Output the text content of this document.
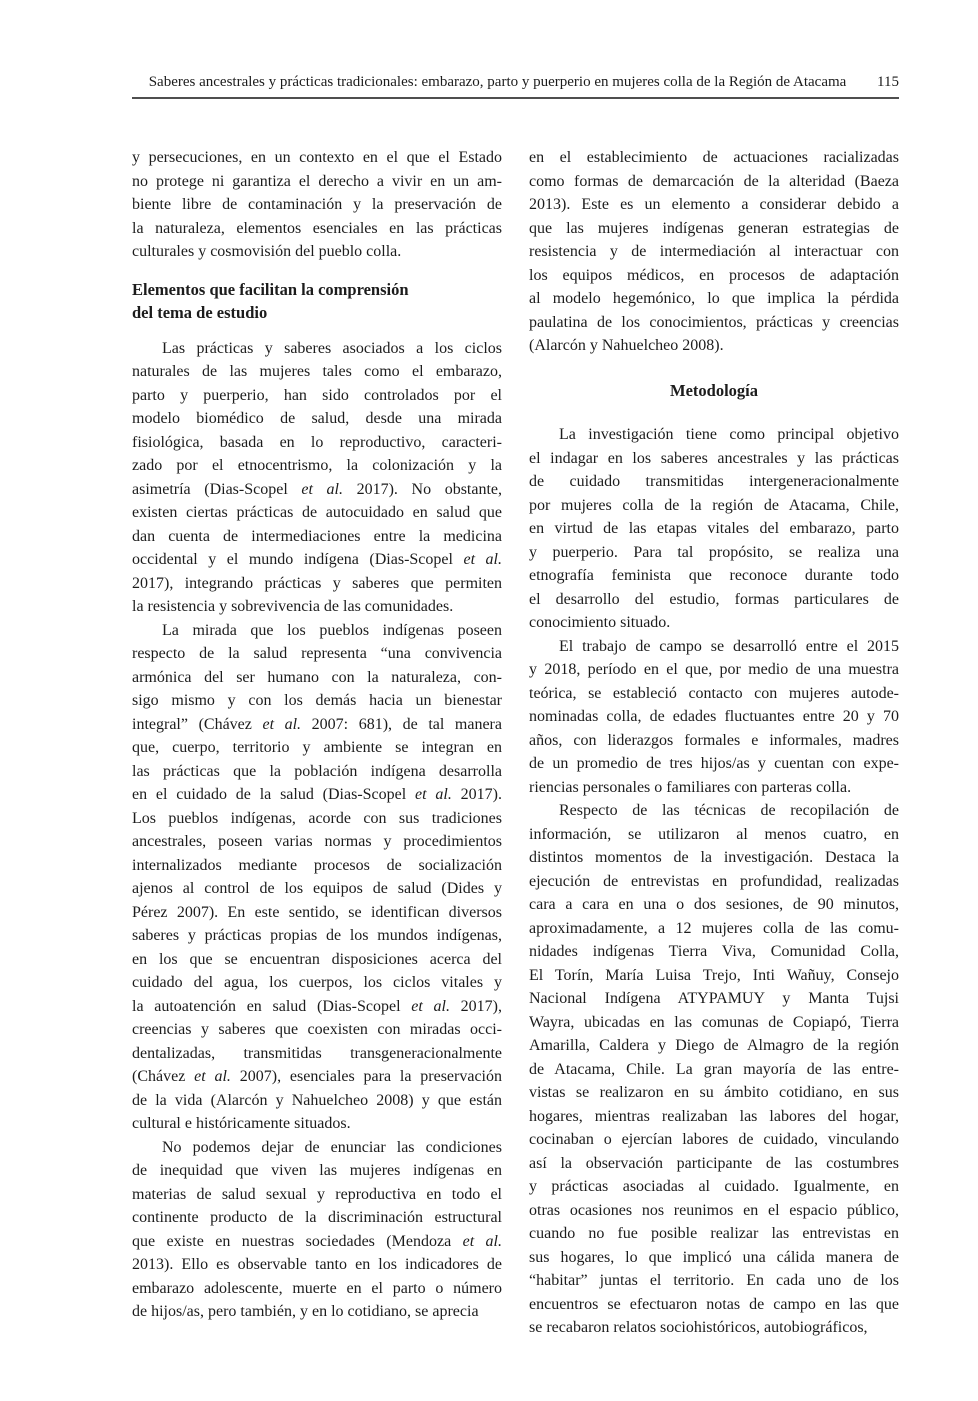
Saberes ancestrales y prácticas tradicionales: embarazo, parto y puerperio en mujeres colla de la Región de Atacama	115
y persecuciones, en un contexto en el que el Estado
no protege ni garantiza el derecho a vivir en un am-
biente libre de contaminación y la preservación de
la naturaleza, elementos esenciales en las prácticas
culturales y cosmovisión del pueblo colla.
Elementos que facilitan la comprensión
del tema de estudio
Las prácticas y saberes asociados a los ciclos
naturales de las mujeres tales como el embarazo,
parto y puerperio, han sido controlados por el
modelo biomédico de salud, desde una mirada
fisiológica, basada en lo reproductivo, caracteri-
zado por el etnocentrismo, la colonización y la
asimetría (Dias-Scopel et al. 2017). No obstante,
existen ciertas prácticas de autocuidado en salud que
dan cuenta de intermediaciones entre la medicina
occidental y el mundo indígena (Dias-Scopel et al.
2017), integrando prácticas y saberes que permiten
la resistencia y sobrevivencia de las comunidades.
La mirada que los pueblos indígenas poseen
respecto de la salud representa “una convivencia
armónica del ser humano con la naturaleza, con-
sigo mismo y con los demás hacia un bienestar
integral” (Chávez et al. 2007: 681), de tal manera
que, cuerpo, territorio y ambiente se integran en
las prácticas que la población indígena desarrolla
en el cuidado de la salud (Dias-Scopel et al. 2017).
Los pueblos indígenas, acorde con sus tradiciones
ancestrales, poseen varias normas y procedimientos
internalizados mediante procesos de socialización
ajenos al control de los equipos de salud (Dides y
Pérez 2007). En este sentido, se identifican diversos
saberes y prácticas propias de los mundos indígenas,
en los que se encuentran disposiciones acerca del
cuidado del agua, los cuerpos, los ciclos vitales y
la autoatención en salud (Dias-Scopel et al. 2017),
creencias y saberes que coexisten con miradas occi-
dentalizadas, transmitidas transgeneracionalmente
(Chávez et al. 2007), esenciales para la preservación
de la vida (Alarcón y Nahuelcheo 2008) y que están
cultural e históricamente situados.
No podemos dejar de enunciar las condiciones
de inequidad que viven las mujeres indígenas en
materias de salud sexual y reproductiva en todo el
continente producto de la discriminación estructural
que existe en nuestras sociedades (Mendoza et al.
2013). Ello es observable tanto en los indicadores de
embarazo adolescente, muerte en el parto o número
de hijos/as, pero también, y en lo cotidiano, se aprecia
en el establecimiento de actuaciones racializadas
como formas de demarcación de la alteridad (Baeza
2013). Este es un elemento a considerar debido a
que las mujeres indígenas generan estrategias de
resistencia y de intermediación al interactuar con
los equipos médicos, en procesos de adaptación
al modelo hegemónico, lo que implica la pérdida
paulatina de los conocimientos, prácticas y creencias
(Alarcón y Nahuelcheo 2008).
Metodología
La investigación tiene como principal objetivo
el indagar en los saberes ancestrales y las prácticas
de cuidado transmitidas intergeneracionalmente
por mujeres colla de la región de Atacama, Chile,
en virtud de las etapas vitales del embarazo, parto
y puerperio. Para tal propósito, se realiza una
etnografía feminista que reconoce durante todo
el desarrollo del estudio, formas particulares de
conocimiento situado.
El trabajo de campo se desarrolló entre el 2015
y 2018, período en el que, por medio de una muestra
teórica, se estableció contacto con mujeres autode-
nominadas colla, de edades fluctuantes entre 20 y 70
años, con liderazgos formales e informales, madres
de un promedio de tres hijos/as y cuentan con expe-
riencias personales o familiares con parteras colla.
Respecto de las técnicas de recopilación de
información, se utilizaron al menos cuatro, en
distintos momentos de la investigación. Destaca la
ejecución de entrevistas en profundidad, realizadas
cara a cara en una o dos sesiones, de 90 minutos,
aproximadamente, a 12 mujeres colla de las comu-
nidades indígenas Tierra Viva, Comunidad Colla,
El Torín, María Luisa Trejo, Inti Wañuy, Consejo
Nacional Indígena ATYPAMUY y Manta Tujsi
Wayra, ubicadas en las comunas de Copiapó, Tierra
Amarilla, Caldera y Diego de Almagro de la región
de Atacama, Chile. La gran mayoría de las entre-
vistas se realizaron en su ámbito cotidiano, en sus
hogares, mientras realizaban las labores del hogar,
cocinaban o ejercían labores de cuidado, vinculando
así la observación participante de las costumbres
y prácticas asociadas al cuidado. Igualmente, en
otras ocasiones nos reunimos en el espacio público,
cuando no fue posible realizar las entrevistas en
sus hogares, lo que implicó una cálida manera de
“habitar” juntas el territorio. En cada uno de los
encuentros se efectuaron notas de campo en las que
se recabaron relatos sociohistóricos, autobiográficos,
